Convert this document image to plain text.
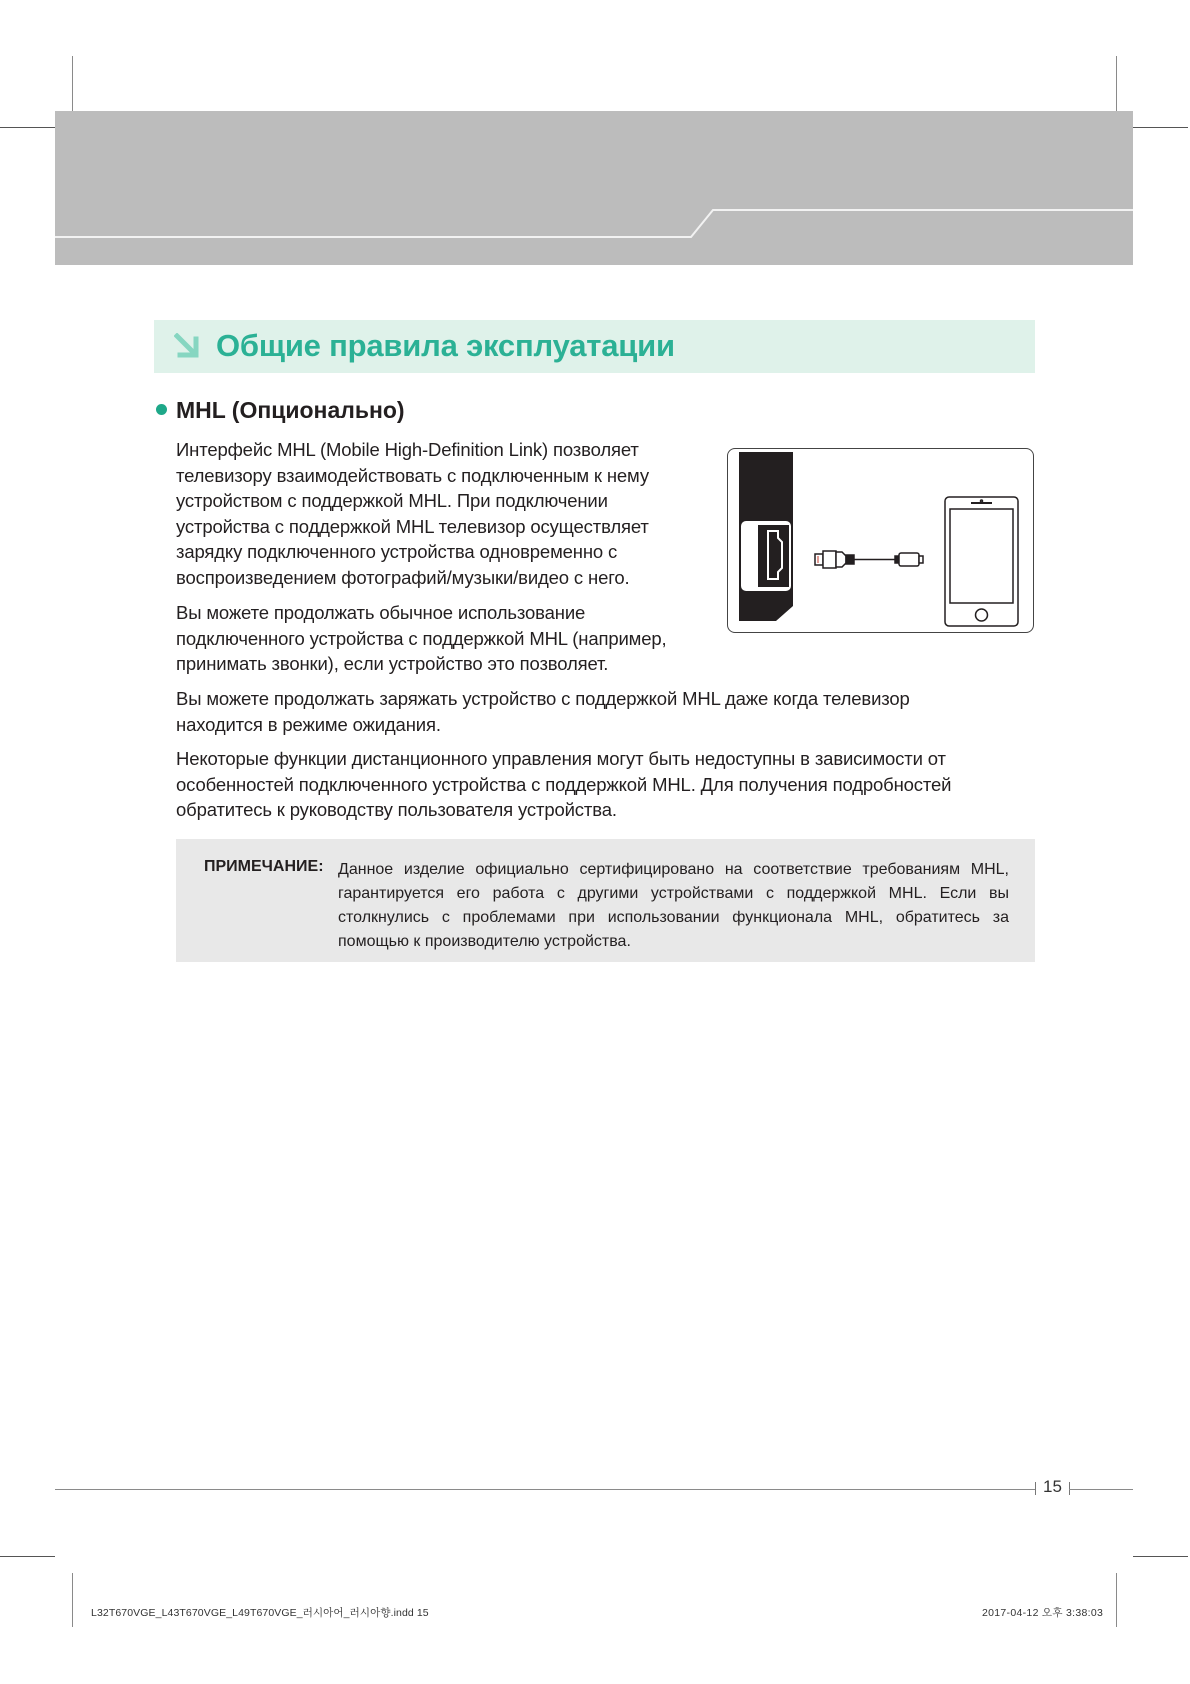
Общие правила эксплуатации
MHL (Опционально)

Интерфейс MHL (Mobile High-Definition Link) позволяет

телевизору взаимодействовать с подключенным к нему

устройством с поддержкой MHL. При подключении

устройства с поддержкой MHL телевизор осуществляет

зарядку подключенного устройства одновременно с

воспроизведением фотографий/музыки/видео с него.

Вы можете продолжать обычное использование

подключенного устройства с поддержкой MHL (например,

принимать звонки), если устройство это позволяет.

Вы можете продолжать заряжать устройство с поддержкой MHL даже когда телевизор

находится в режиме ожидания.

Некоторые функции дистанционного управления могут быть недоступны в зависимости от

особенностей подключенного устройства с поддержкой MHL. Для получения подробностей

обратитесь к руководству пользователя устройства.

ПРИМЕЧАНИЕ: Данное изделие официально сертифицировано на соответствие требованиям MHL, гарантируется его работа с другими устройствами с поддержкой MHL. Если вы столкнулись с проблемами при использовании функционала MHL, обратитесь за помощью к производителю устройства.
15
L32T670VGE_L43T670VGE_L49T670VGE_러시아어_러시아향.indd 15	2017-04-12 오후 3:38:03
